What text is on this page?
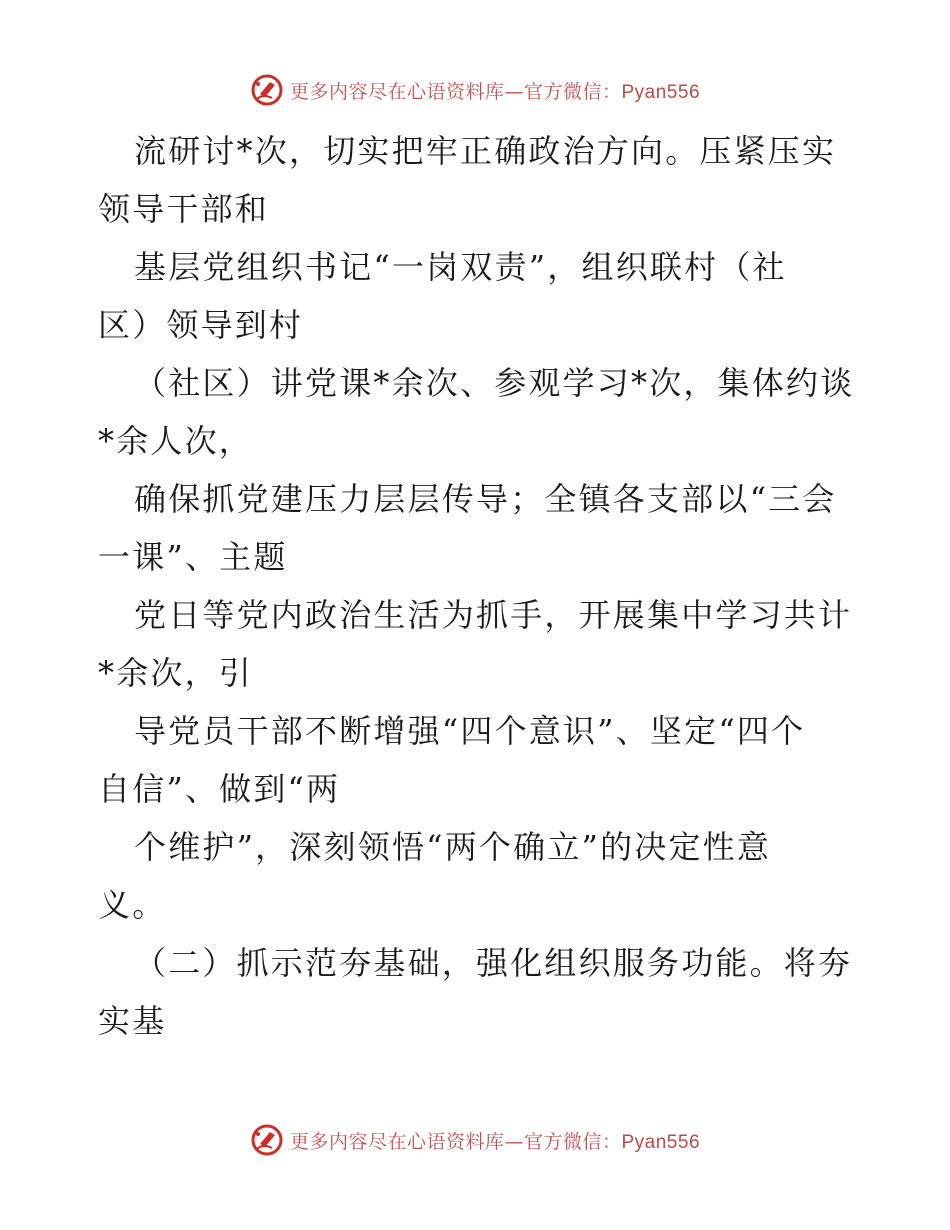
更多内容尽在心语资料库—官方微信：Pyan556
流研讨*次，切实把牢正确政治方向。压紧压实
领导干部和
基层党组织书记“一岗双责”，组织联村（社
区）领导到村
（社区）讲党课*余次、参观学习*次，集体约谈
*余人次，
确保抓党建压力层层传导；全镇各支部以“三会
一课”、主题
党日等党内政治生活为抓手，开展集中学习共计
*余次，引
导党员干部不断增强“四个意识”、坚定“四个
自信”、做到“两
个维护”，深刻领悟“两个确立”的决定性意
义。
（二）抓示范夯基础，强化组织服务功能。将夯
实基
更多内容尽在心语资料库—官方微信：Pyan556
